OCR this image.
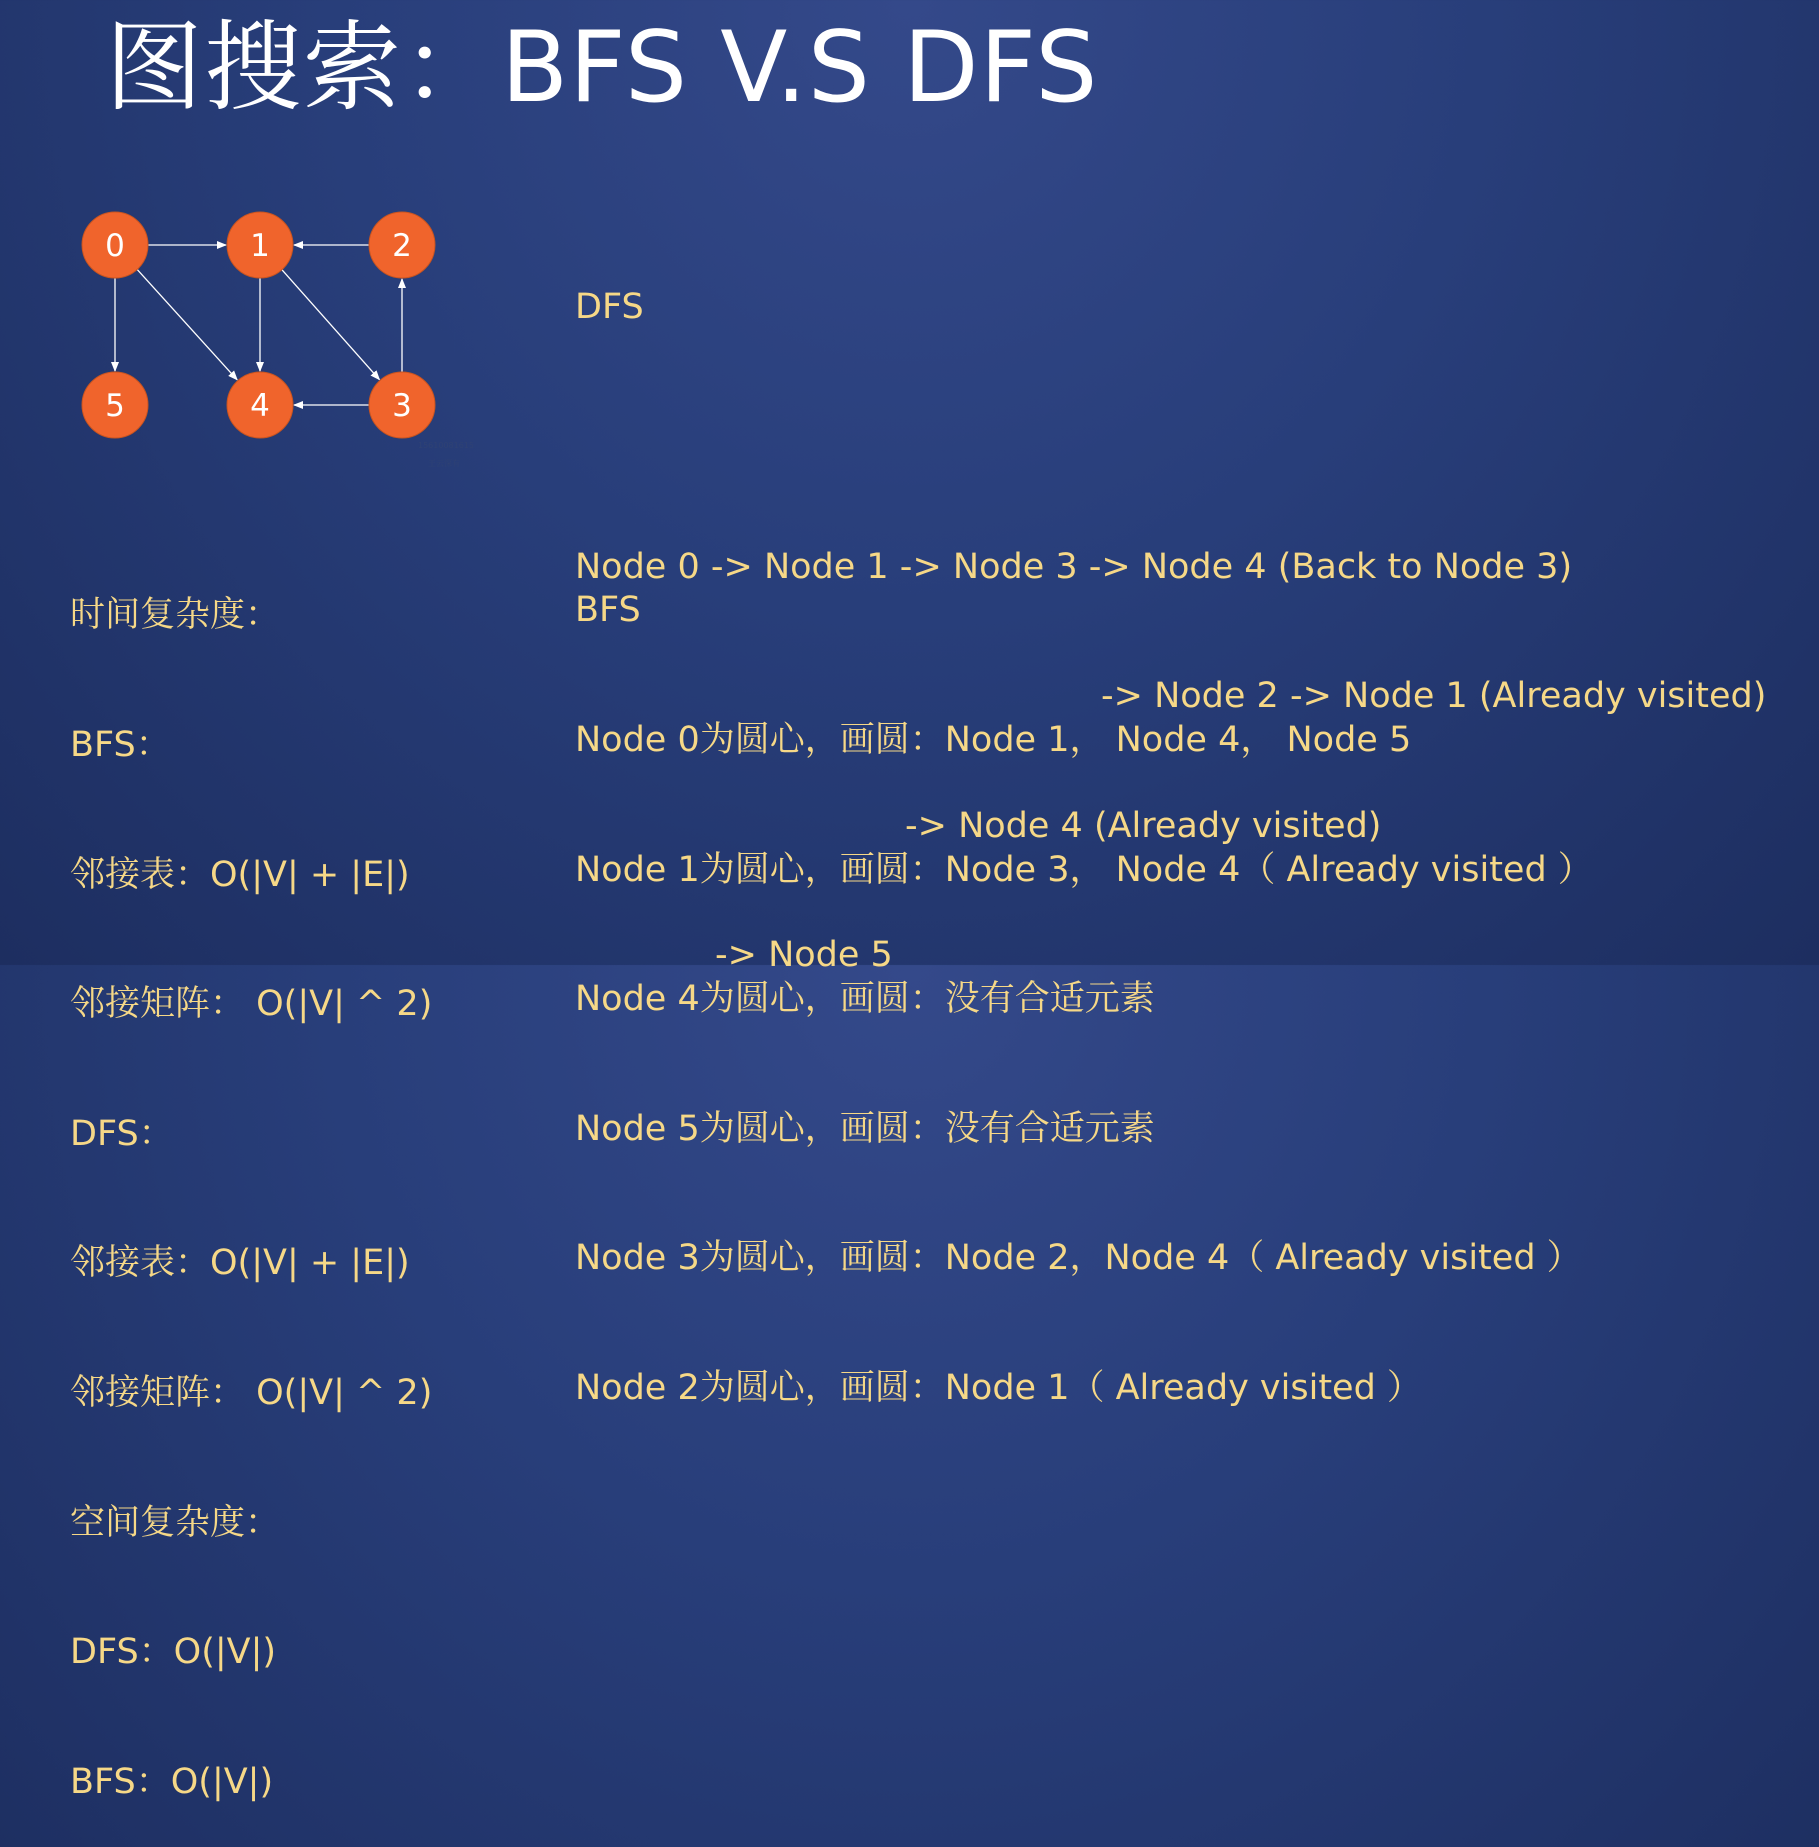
图搜索：BFS V.S DFS
0	1	2
3
4
5
15610081615
王云深有

时间复杂度：

BFS：

邻接表：O(|V| + |E|)

邻接矩阵： O(|V| ^ 2)

DFS：

邻接表：O(|V| + |E|)

邻接矩阵： O(|V| ^ 2)

空间复杂度：

DFS：O(|V|)

BFS：O(|V|)

DFS

Node 0 -> Node 1 -> Node 3 -> Node 4 (Back to Node 3)

-> Node 2 -> Node 1 (Already visited)

-> Node 4 (Already visited)

-> Node 5

BFS

Node 0为圆心，画圆：Node 1， Node 4， Node 5

Node 1为圆心，画圆：Node 3， Node 4（ Already visited ）

Node 4为圆心，画圆：没有合适元素

Node 5为圆心，画圆：没有合适元素

Node 3为圆心，画圆：Node 2，Node 4（ Already visited ）

Node 2为圆心，画圆：Node 1（ Already visited ）
